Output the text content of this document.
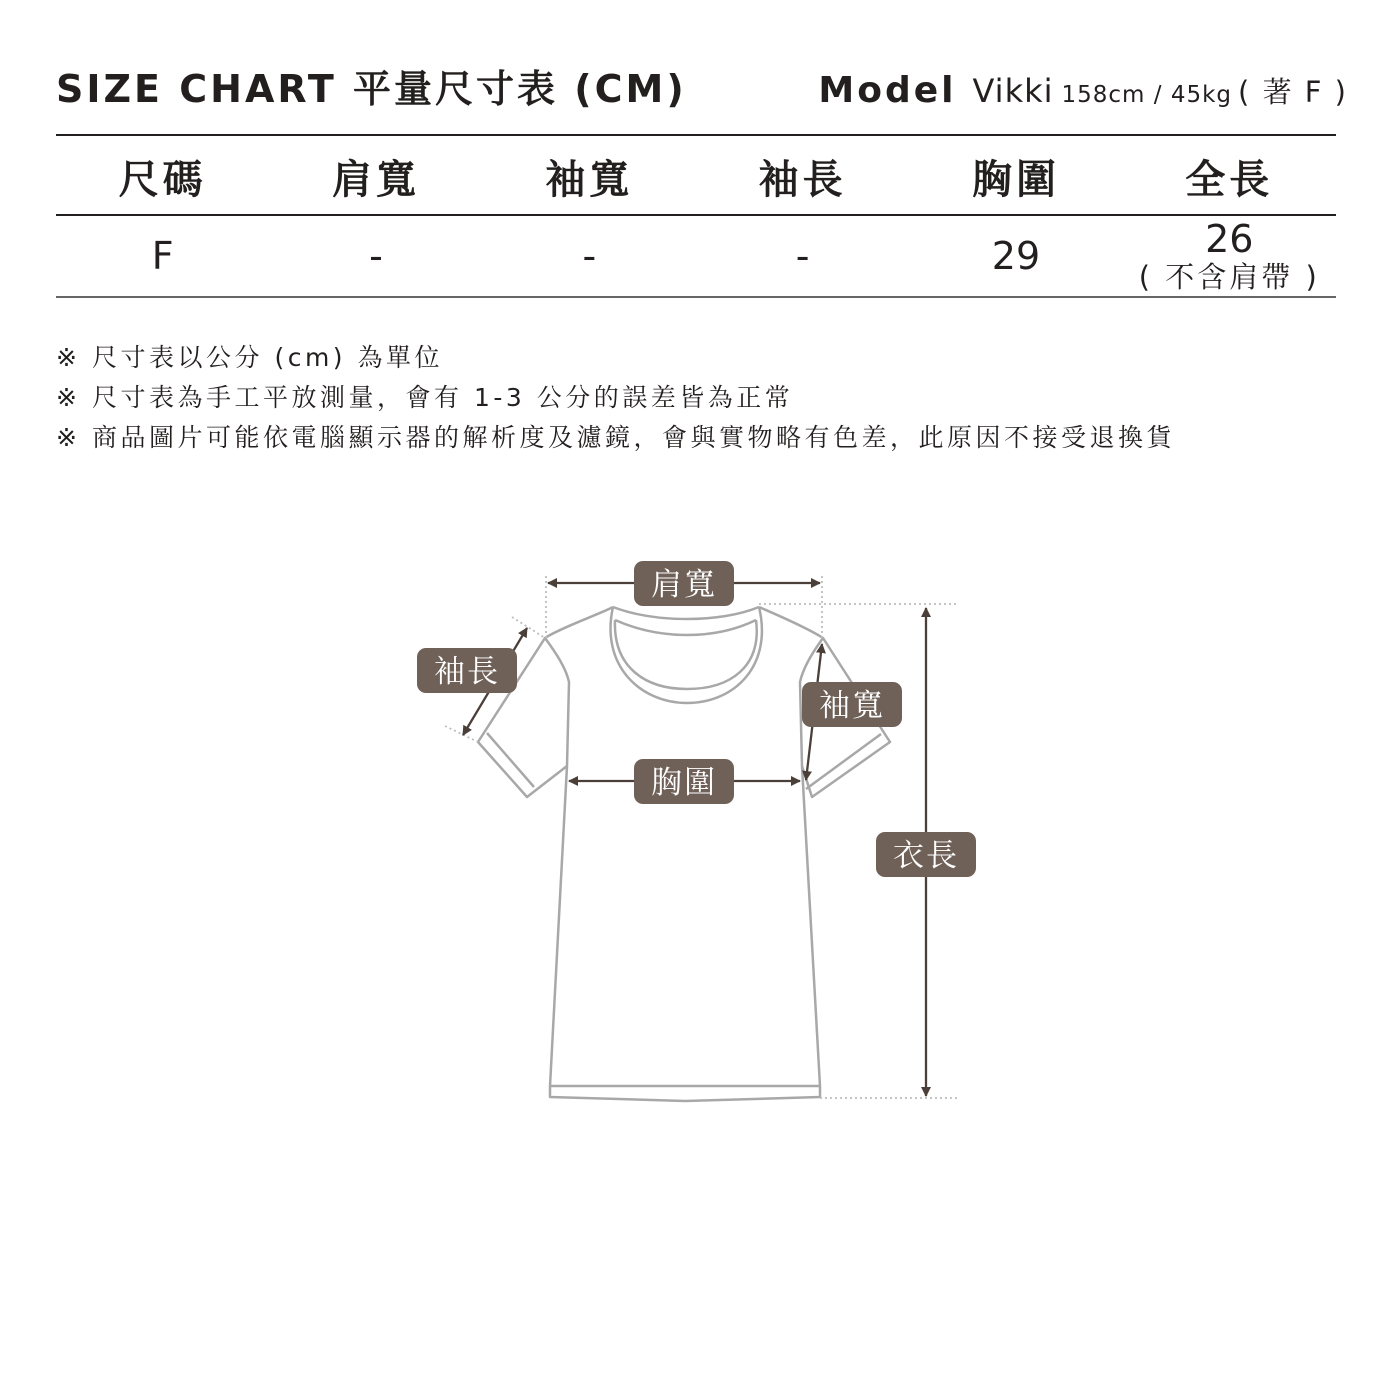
SIZE CHART 平量尺寸表 (CM)	Model Vikki 158cm / 45kg ( 著 F )
尺碼	肩寬	袖寬	袖長	胸圍	全長
F	-	-	-	29	26
( 不含肩帶 )
※ 尺寸表以公分 (cm) 為單位
※ 尺寸表為手工平放測量，會有 1-3 公分的誤差皆為正常
※ 商品圖片可能依電腦顯示器的解析度及濾鏡，會與實物略有色差，此原因不接受退換貨
肩寬
袖長
袖寬
胸圍
衣長
